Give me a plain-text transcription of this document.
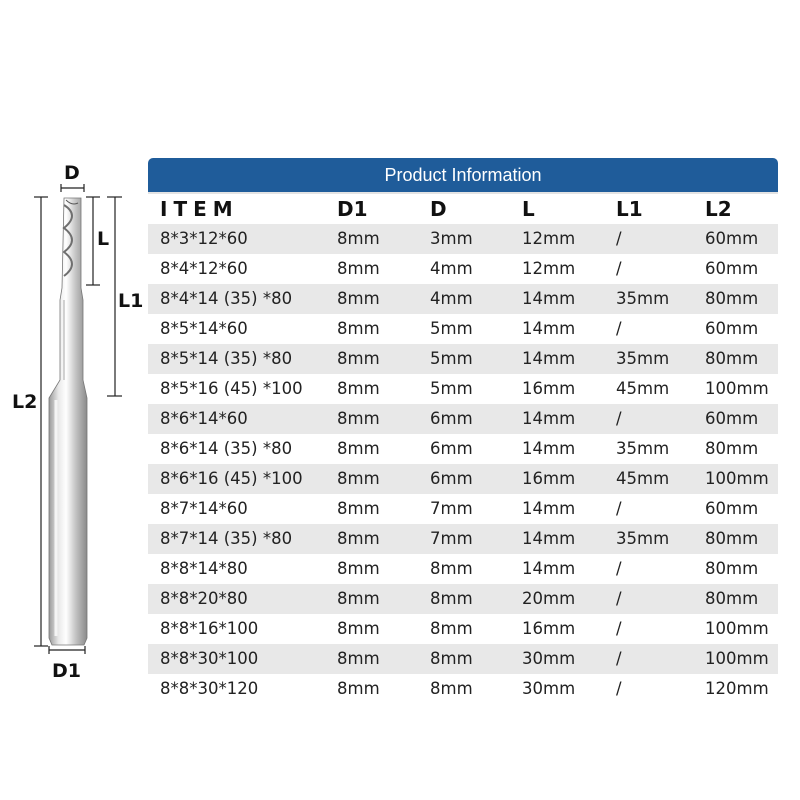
D
L
L1
L2
D1
Product Information
ITEM	D1	D	L	L1	L2
8*3*12*60	8mm	3mm	12mm /	60mm
8*4*12*60	8mm	4mm	12mm /	60mm
8*4*14 (35) *80	8mm	4mm	14mm 35mm 80mm
8*5*14*60	8mm	5mm	14mm /	60mm
8*5*14 (35) *80	8mm	5mm	14mm 35mm 80mm
8*5*16 (45) *100 8mm	5mm	16mm 45mm 100mm
8*6*14*60	8mm	6mm	14mm /	60mm
8*6*14 (35) *80	8mm	6mm	14mm 35mm 80mm
8*6*16 (45) *100 8mm	6mm	16mm 45mm 100mm
8*7*14*60	8mm	7mm	14mm /	60mm
8*7*14 (35) *80	8mm	7mm	14mm 35mm 80mm
8*8*14*80	8mm	8mm	14mm /	80mm
8*8*20*80	8mm	8mm	20mm /	80mm
8*8*16*100	8mm	8mm	16mm /	100mm
8*8*30*100	8mm	8mm	30mm /	100mm
8*8*30*120	8mm	8mm	30mm /	120mm
